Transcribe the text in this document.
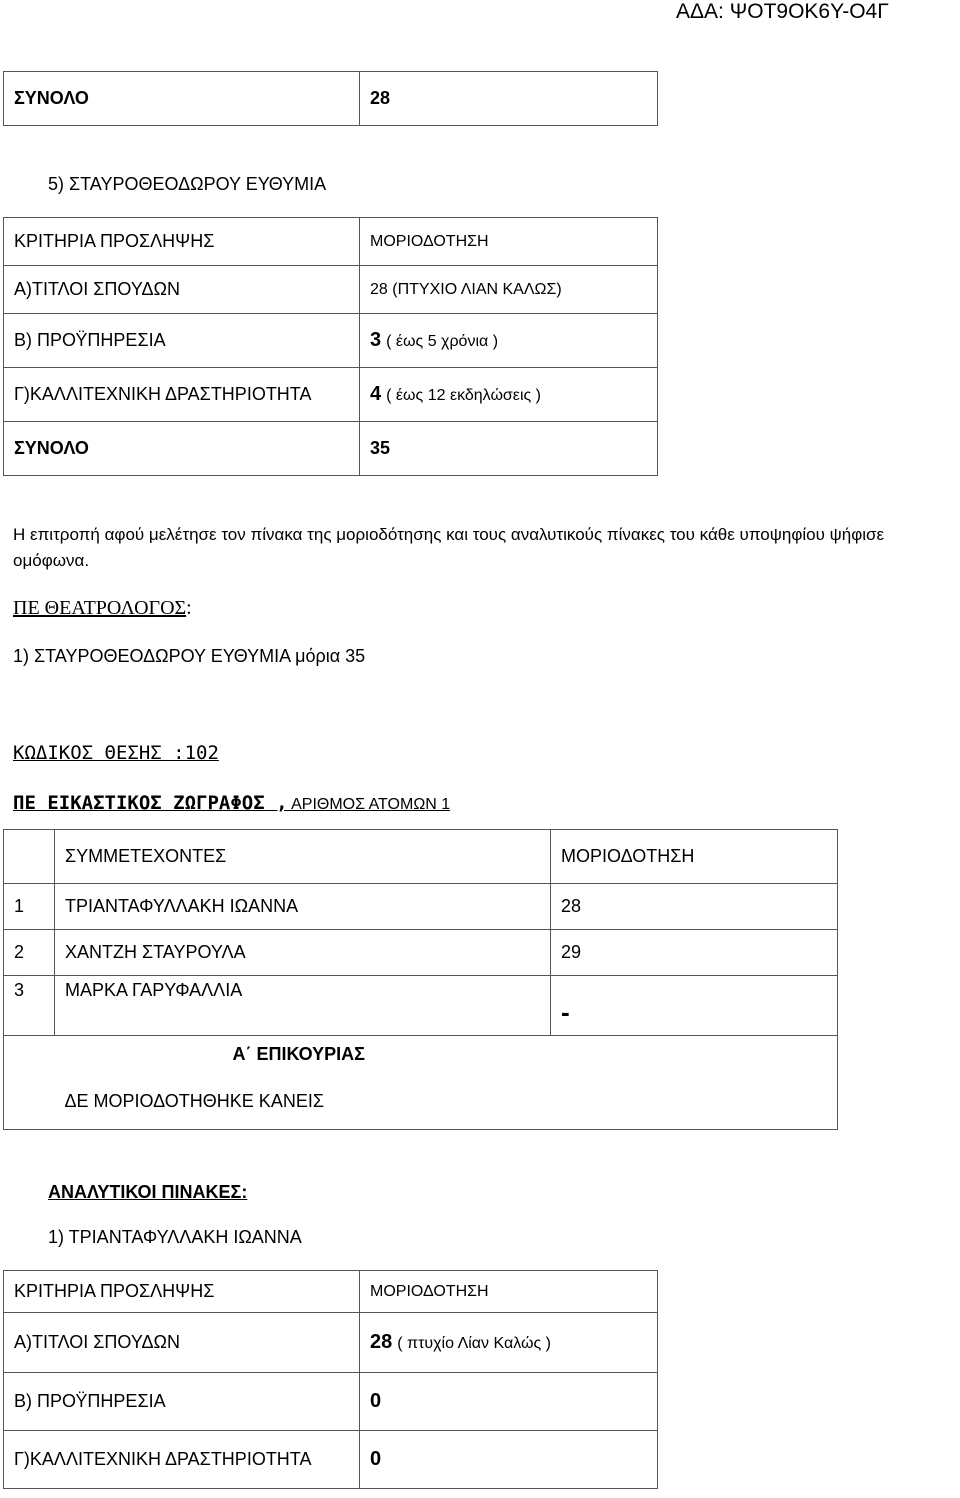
ΑΔΑ: ΨΟΤ9ΟΚ6Υ-Ο4Γ
ΣΥΝΟΛΟ	28
5) ΣΤΑΥΡΟΘΕΟΔΩΡΟΥ ΕΥΘΥΜΙΑ
ΚΡΙΤΗΡΙΑ ΠΡΟΣΛΗΨΗΣ	ΜΟΡΙΟΔΟΤΗΣΗ
Α)ΤΙΤΛΟΙ ΣΠΟΥΔΩΝ	28 (ΠΤΥΧΙΟ ΛΙΑΝ ΚΑΛΩΣ)
Β) ΠΡΟΫΠΗΡΕΣΙΑ	3 ( έως 5 χρόνια )
Γ)ΚΑΛΛΙΤΕΧΝΙΚΗ ΔΡΑΣΤΗΡΙΟΤΗΤΑ	4 ( έως 12 εκδηλώσεις )
ΣΥΝΟΛΟ	35
Η επιτροπή αφού μελέτησε τον πίνακα της μοριοδότησης και τους αναλυτικούς πίνακες του κάθε υποψηφίου ψήφισε ομόφωνα.
ΠΕ ΘΕΑΤΡΟΛΟΓΟΣ:
1) ΣΤΑΥΡΟΘΕΟΔΩΡΟΥ ΕΥΘΥΜΙΑ μόρια 35
ΚΩΔΙΚΟΣ ΘΕΣΗΣ :102
ΠΕ ΕΙΚΑΣΤΙΚΟΣ ΖΩΓΡΑΦΟΣ , ΑΡΙΘΜΟΣ ΑΤΟΜΩΝ 1
	ΣΥΜΜΕΤΕΧΟΝΤΕΣ	ΜΟΡΙΟΔΟΤΗΣΗ
1	ΤΡΙΑΝΤΑΦΥΛΛΑΚΗ ΙΩΑΝΝΑ	28
2	ΧΑΝΤΖΗ ΣΤΑΥΡΟΥΛΑ	29
3	ΜΑΡΚΑ ΓΑΡΥΦΑΛΛΙΑ	-

	Α΄ ΕΠΙΚΟΥΡΙΑΣ
ΔΕ ΜΟΡΙΟΔΟΤΗΘΗΚΕ ΚΑΝΕΙΣ	
ΑΝΑΛΥΤΙΚΟΙ ΠΙΝΑΚΕΣ:
1) ΤΡΙΑΝΤΑΦΥΛΛΑΚΗ ΙΩΑΝΝΑ
ΚΡΙΤΗΡΙΑ ΠΡΟΣΛΗΨΗΣ	ΜΟΡΙΟΔΟΤΗΣΗ
Α)ΤΙΤΛΟΙ ΣΠΟΥΔΩΝ	28 ( πτυχίο Λίαν Καλώς )
Β) ΠΡΟΫΠΗΡΕΣΙΑ	0
Γ)ΚΑΛΛΙΤΕΧΝΙΚΗ ΔΡΑΣΤΗΡΙΟΤΗΤΑ	0
